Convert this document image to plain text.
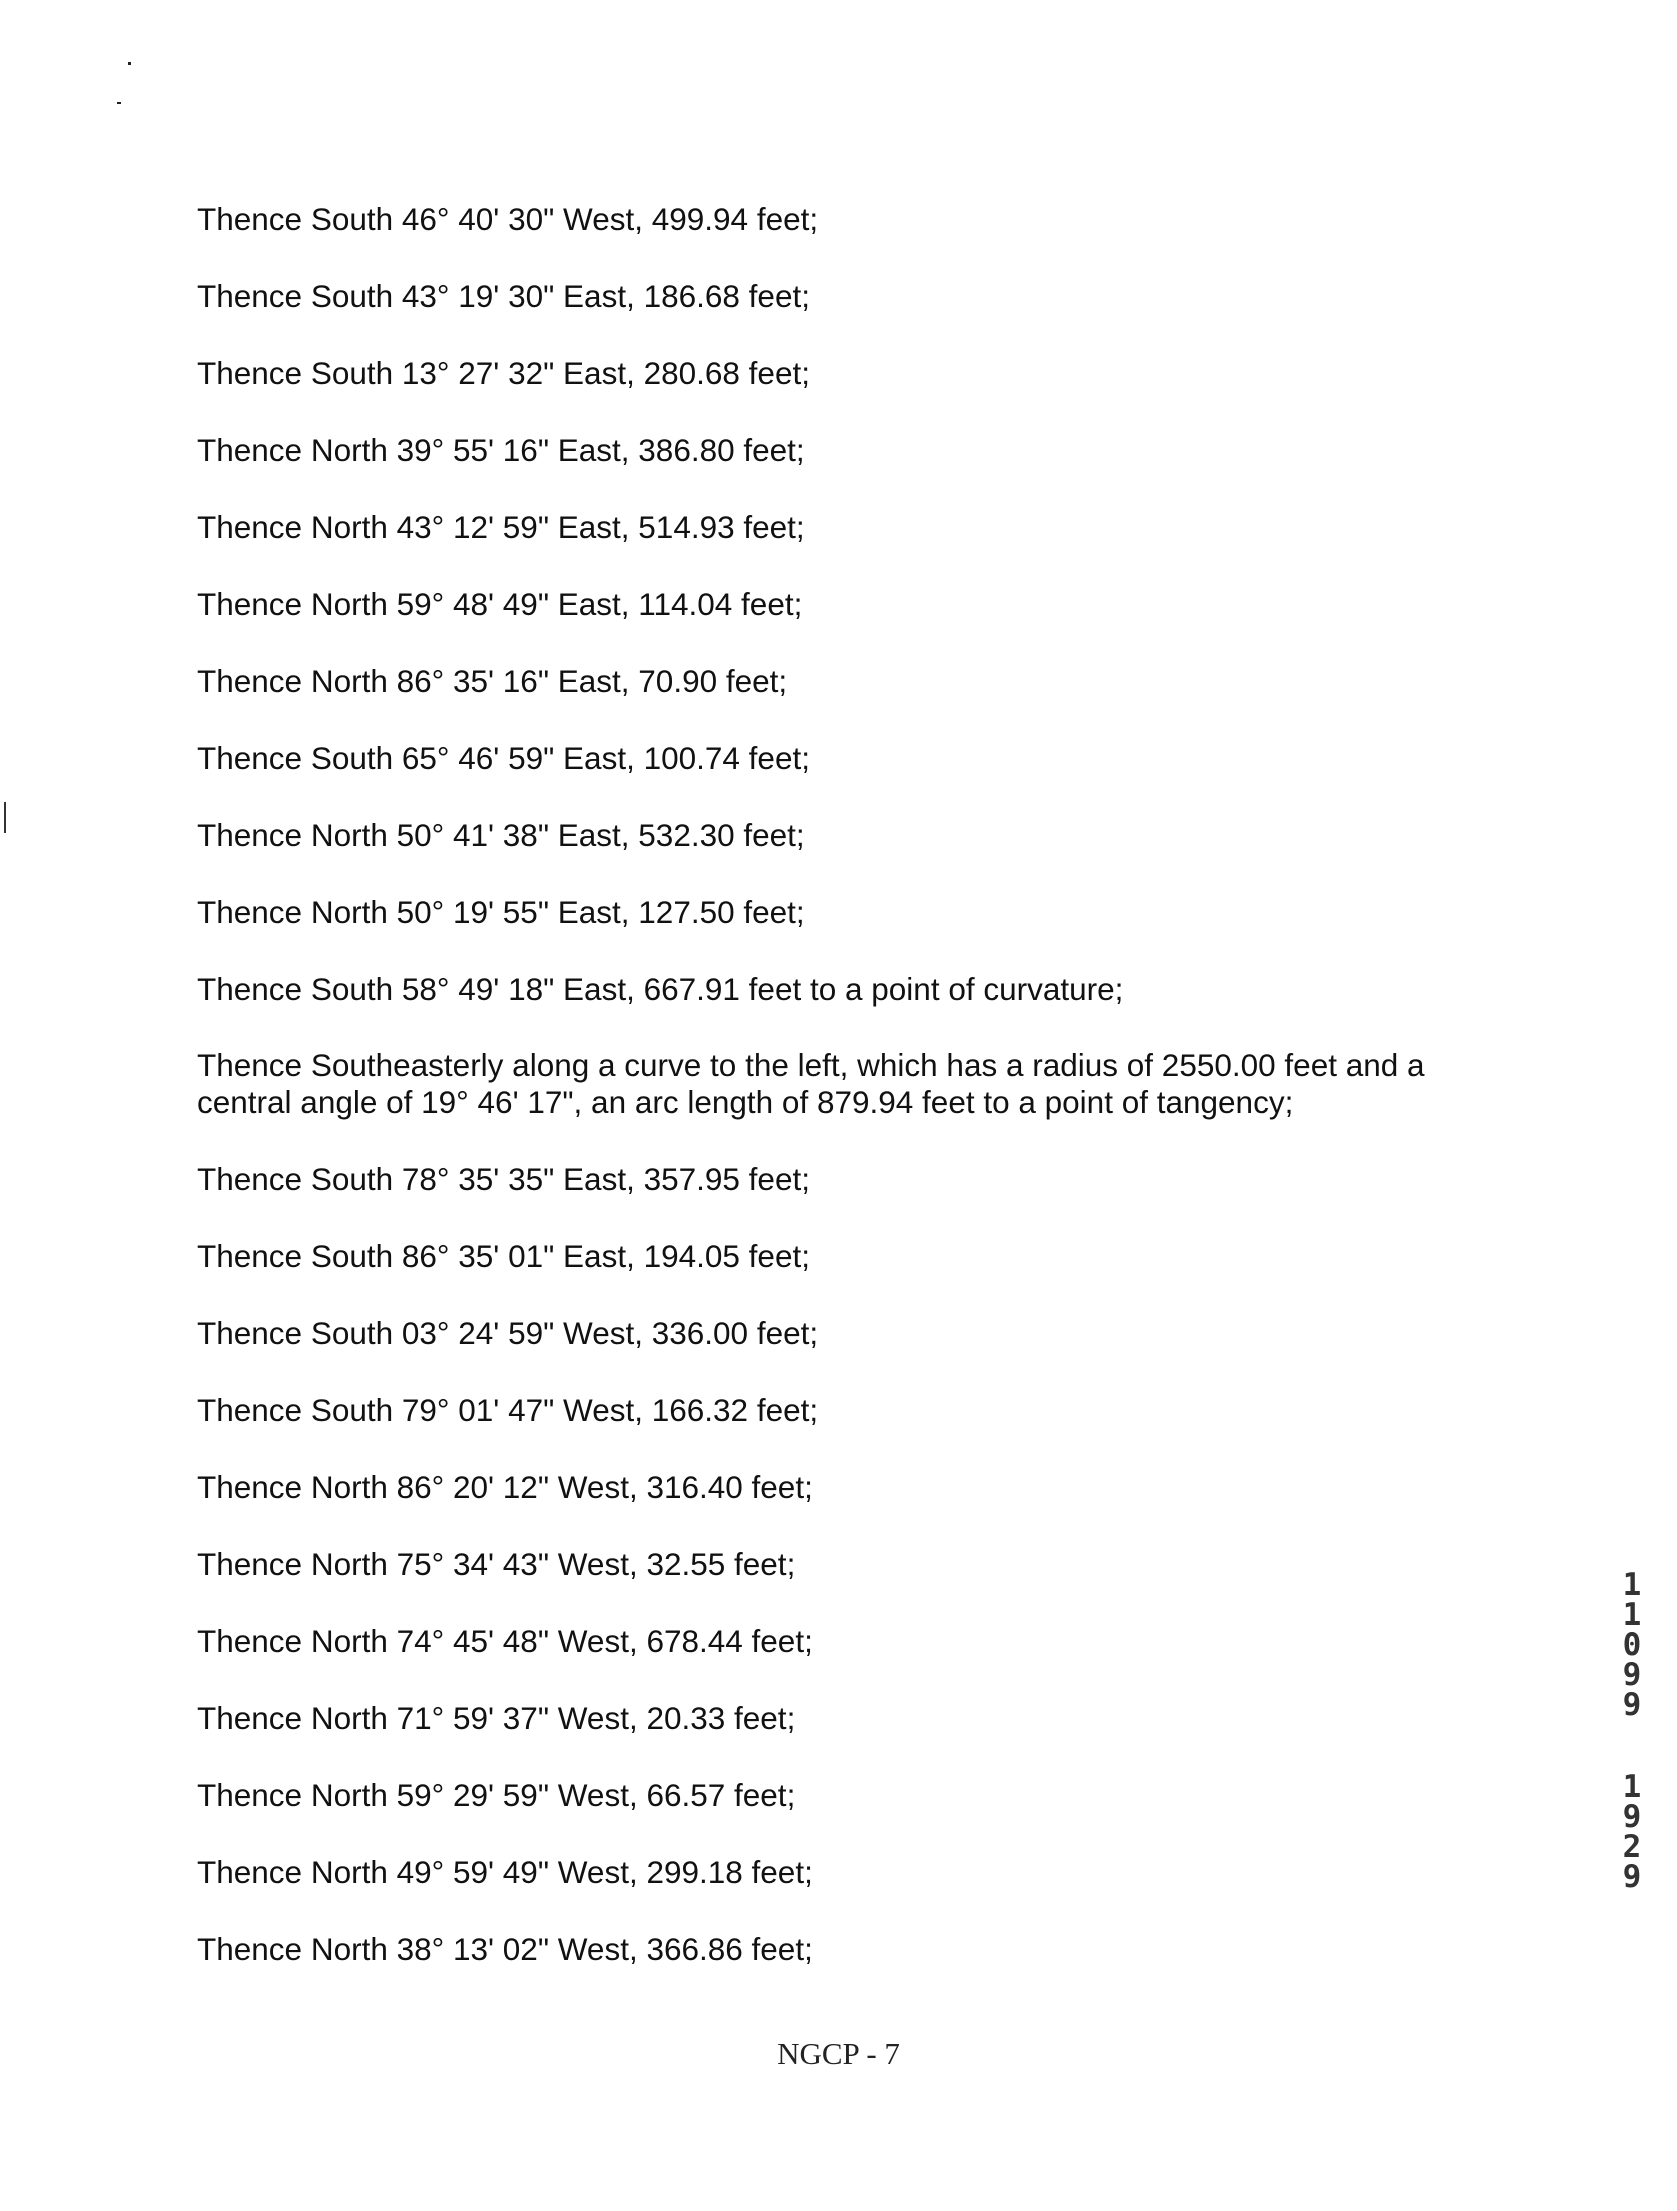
Thence South 46° 40' 30" West, 499.94 feet;

Thence South 43° 19' 30" East, 186.68 feet;

Thence South 13° 27' 32" East, 280.68 feet;

Thence North 39° 55' 16" East, 386.80 feet;

Thence North 43° 12' 59" East, 514.93 feet;

Thence North 59° 48' 49" East, 114.04 feet;

Thence North 86° 35' 16" East, 70.90 feet;

Thence South 65° 46' 59" East, 100.74 feet;

Thence North 50° 41' 38" East, 532.30 feet;

Thence North 50° 19' 55" East, 127.50 feet;

Thence South 58° 49' 18" East, 667.91 feet to a point of curvature;

Thence Southeasterly along a curve to the left, which has a radius of 2550.00 feet and a
central angle of 19° 46' 17", an arc length of 879.94 feet to a point of tangency;

Thence South 78° 35' 35" East, 357.95 feet;

Thence South 86° 35' 01" East, 194.05 feet;

Thence South 03° 24' 59" West, 336.00 feet;

Thence South 79° 01' 47" West, 166.32 feet;

Thence North 86° 20' 12" West, 316.40 feet;

Thence North 75° 34' 43" West, 32.55 feet;

Thence North 74° 45' 48" West, 678.44 feet;

Thence North 71° 59' 37" West, 20.33 feet;

Thence North 59° 29' 59" West, 66.57 feet;

Thence North 49° 59' 49" West, 299.18 feet;

Thence North 38° 13' 02" West, 366.86 feet;

1
1
0
9
9
1
9
2
9
NGCP - 7
